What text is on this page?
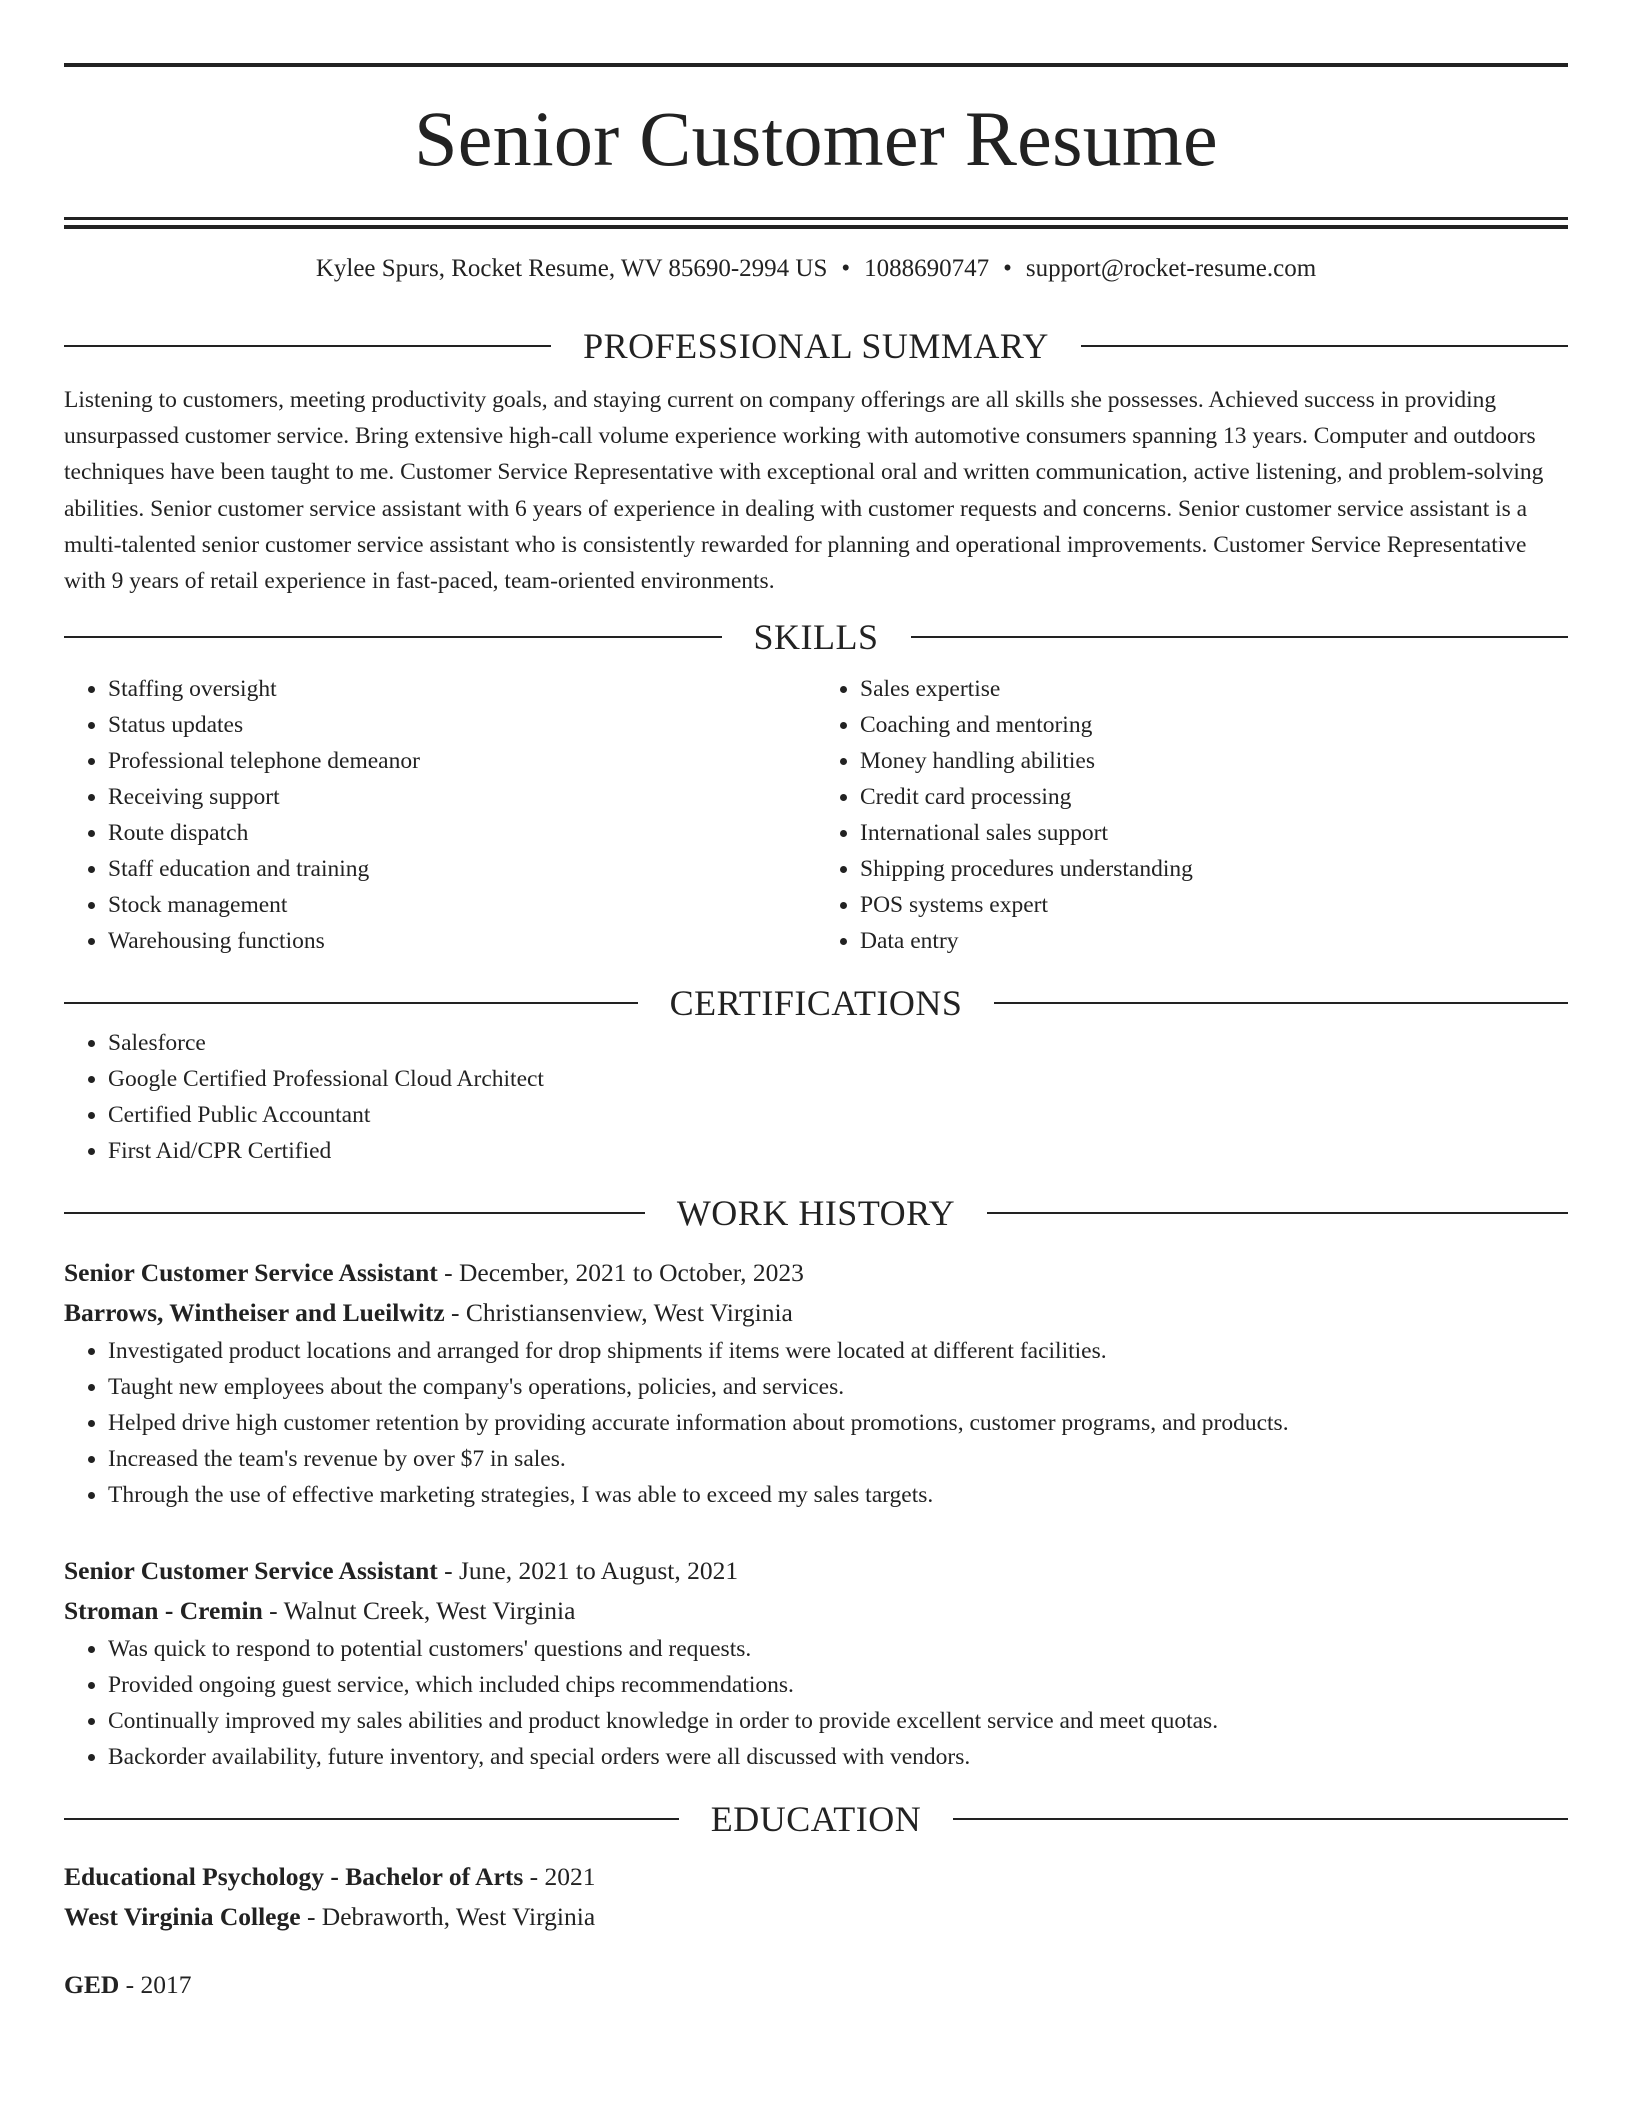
Senior Customer Resume
Kylee Spurs, Rocket Resume, WV 85690-2994 US • 1088690747 • support@rocket-resume.com
PROFESSIONAL SUMMARY
Listening to customers, meeting productivity goals, and staying current on company offerings are all skills she possesses. Achieved success in providing unsurpassed customer service. Bring extensive high-call volume experience working with automotive consumers spanning 13 years. Computer and outdoors techniques have been taught to me. Customer Service Representative with exceptional oral and written communication, active listening, and problem-solving abilities. Senior customer service assistant with 6 years of experience in dealing with customer requests and concerns. Senior customer service assistant is a multi-talented senior customer service assistant who is consistently rewarded for planning and operational improvements. Customer Service Representative with 9 years of retail experience in fast-paced, team-oriented environments.
SKILLS
• Staffing oversight
• Status updates
• Professional telephone demeanor
• Receiving support
• Route dispatch
• Staff education and training
• Stock management
• Warehousing functions
• Sales expertise
• Coaching and mentoring
• Money handling abilities
• Credit card processing
• International sales support
• Shipping procedures understanding
• POS systems expert
• Data entry
CERTIFICATIONS
• Salesforce
• Google Certified Professional Cloud Architect
• Certified Public Accountant
• First Aid/CPR Certified
WORK HISTORY
Senior Customer Service Assistant - December, 2021 to October, 2023
Barrows, Wintheiser and Lueilwitz - Christiansenview, West Virginia
• Investigated product locations and arranged for drop shipments if items were located at different facilities.
• Taught new employees about the company's operations, policies, and services.
• Helped drive high customer retention by providing accurate information about promotions, customer programs, and products.
• Increased the team's revenue by over $7 in sales.
• Through the use of effective marketing strategies, I was able to exceed my sales targets.
Senior Customer Service Assistant - June, 2021 to August, 2021
Stroman - Cremin - Walnut Creek, West Virginia
• Was quick to respond to potential customers' questions and requests.
• Provided ongoing guest service, which included chips recommendations.
• Continually improved my sales abilities and product knowledge in order to provide excellent service and meet quotas.
• Backorder availability, future inventory, and special orders were all discussed with vendors.
EDUCATION
Educational Psychology - Bachelor of Arts - 2021
West Virginia College - Debraworth, West Virginia
GED - 2017
